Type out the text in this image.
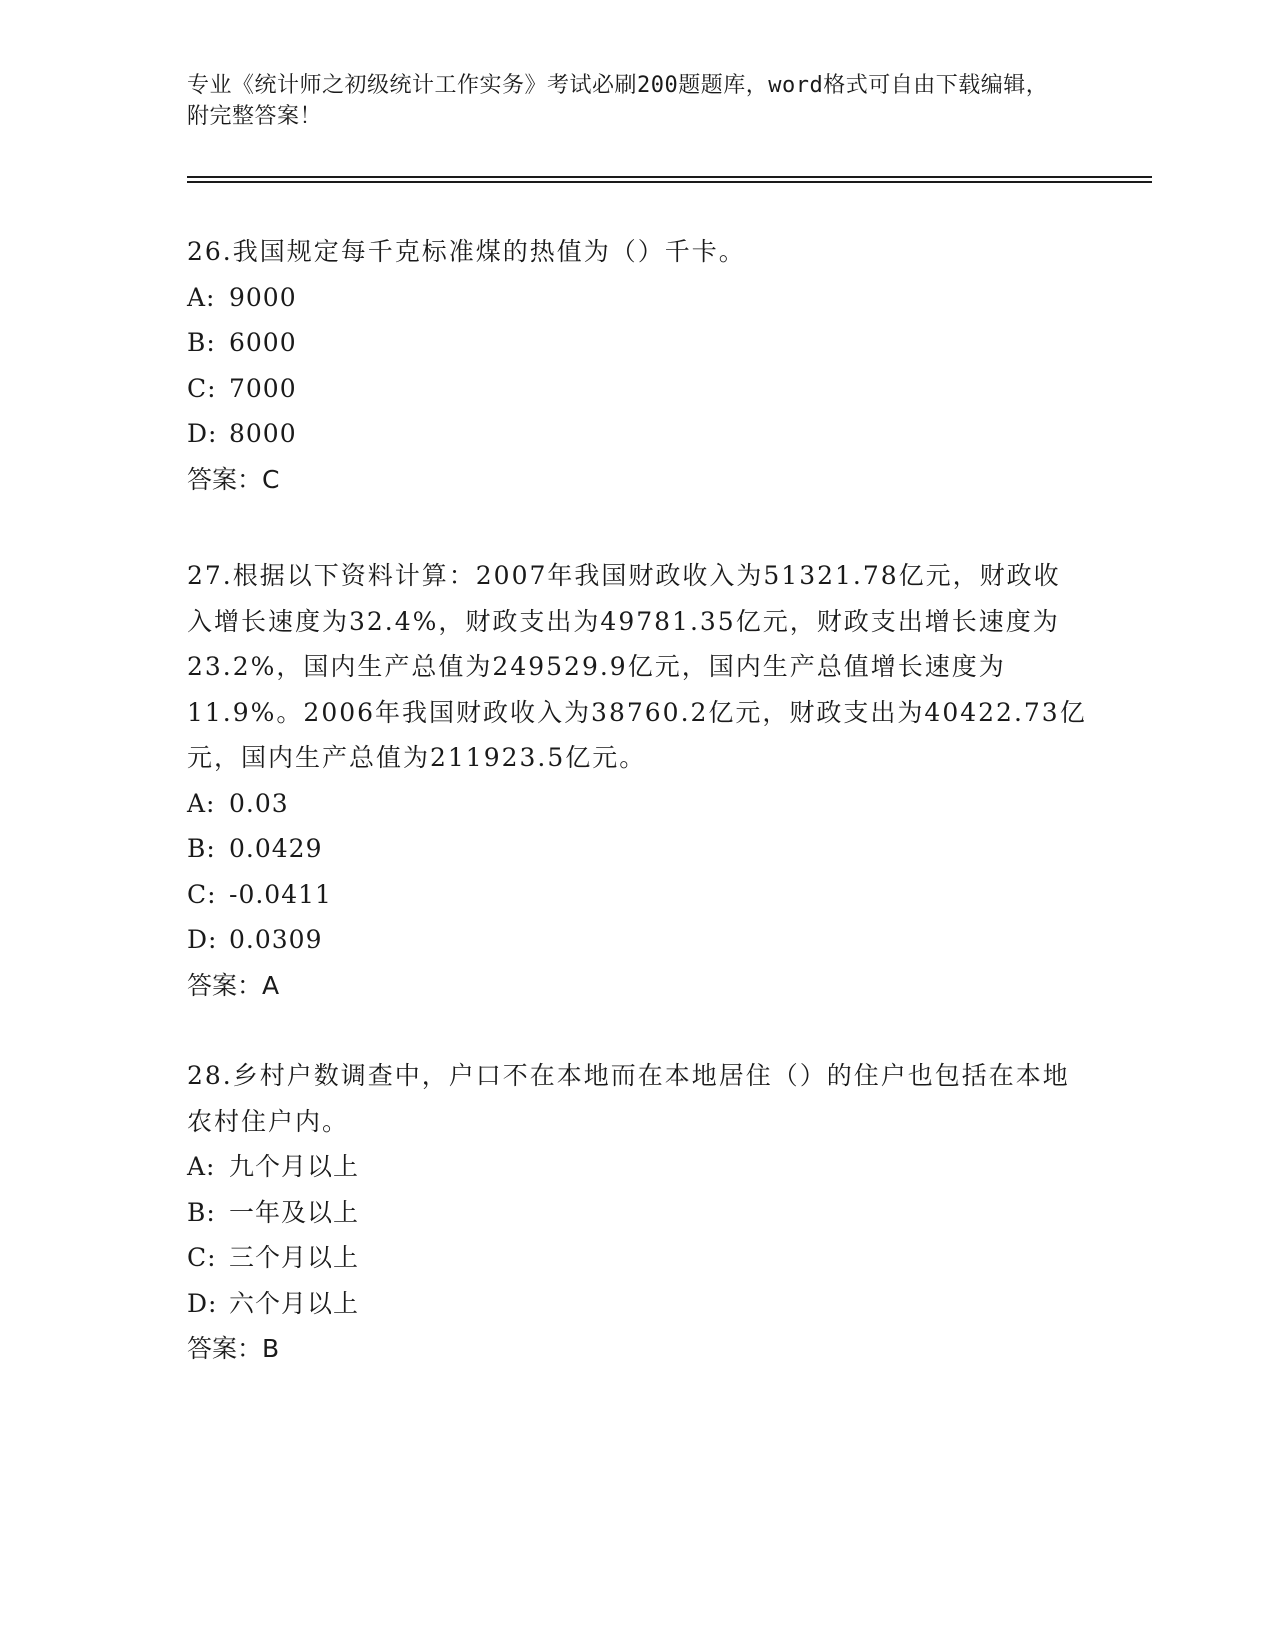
专业《统计师之初级统计工作实务》考试必刷200题题库，word格式可自由下载编辑，附完整答案！
26.我国规定每千克标准煤的热值为（）千卡。
A: 9000
B: 6000
C: 7000
D: 8000
答案：C
27.根据以下资料计算：2007年我国财政收入为51321.78亿元，财政收入增长速度为32.4%，财政支出为49781.35亿元，财政支出增长速度为23.2%，国内生产总值为249529.9亿元，国内生产总值增长速度为11.9%。2006年我国财政收入为38760.2亿元，财政支出为40422.73亿元，国内生产总值为211923.5亿元。
A: 0.03
B: 0.0429
C: -0.0411
D: 0.0309
答案：A
28.乡村户数调查中，户口不在本地而在本地居住（）的住户也包括在本地农村住户内。
A: 九个月以上
B: 一年及以上
C: 三个月以上
D: 六个月以上
答案：B
